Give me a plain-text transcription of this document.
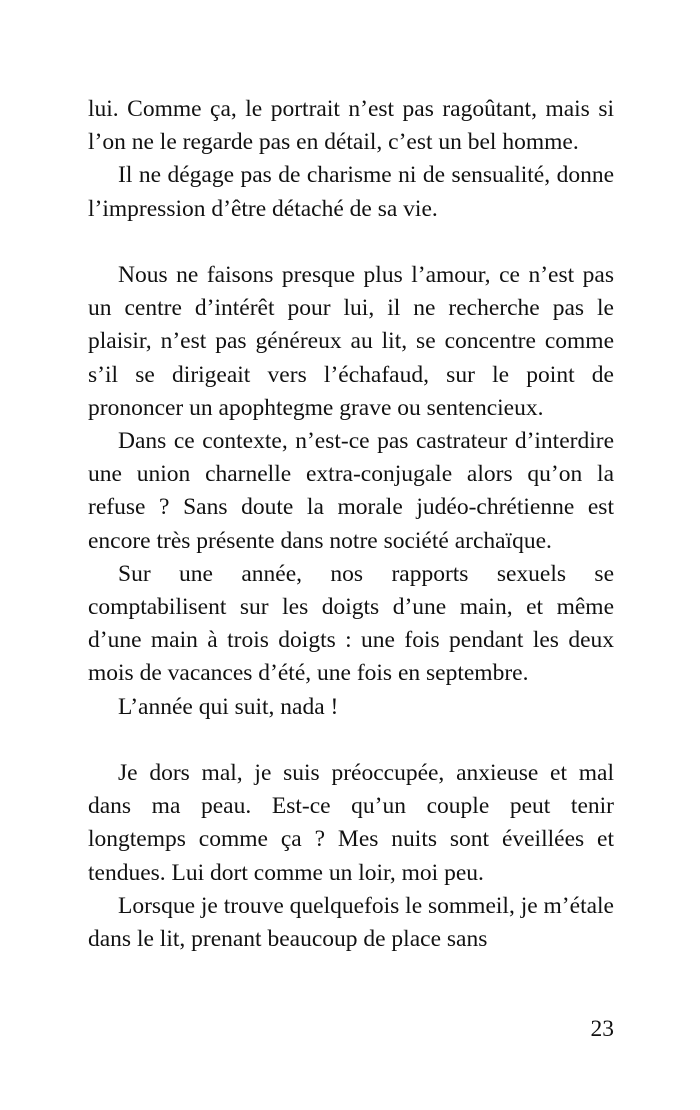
lui. Comme ça, le portrait n’est pas ragoûtant, mais si l’on ne le regarde pas en détail, c’est un bel homme.

Il ne dégage pas de charisme ni de sensualité, donne l’impression d’être détaché de sa vie.

Nous ne faisons presque plus l’amour, ce n’est pas un centre d’intérêt pour lui, il ne recherche pas le plaisir, n’est pas généreux au lit, se concentre comme s’il se dirigeait vers l’échafaud, sur le point de prononcer un apophtegme grave ou sentencieux.

Dans ce contexte, n’est-ce pas castrateur d’interdire une union charnelle extra-conjugale alors qu’on la refuse ? Sans doute la morale judéo-chrétienne est encore très présente dans notre société archaïque.

Sur une année, nos rapports sexuels se comptabilisent sur les doigts d’une main, et même d’une main à trois doigts : une fois pendant les deux mois de vacances d’été, une fois en septembre.

L’année qui suit, nada !

Je dors mal, je suis préoccupée, anxieuse et mal dans ma peau. Est-ce qu’un couple peut tenir longtemps comme ça ? Mes nuits sont éveillées et tendues. Lui dort comme un loir, moi peu.

Lorsque je trouve quelquefois le sommeil, je m’étale dans le lit, prenant beaucoup de place sans

23
